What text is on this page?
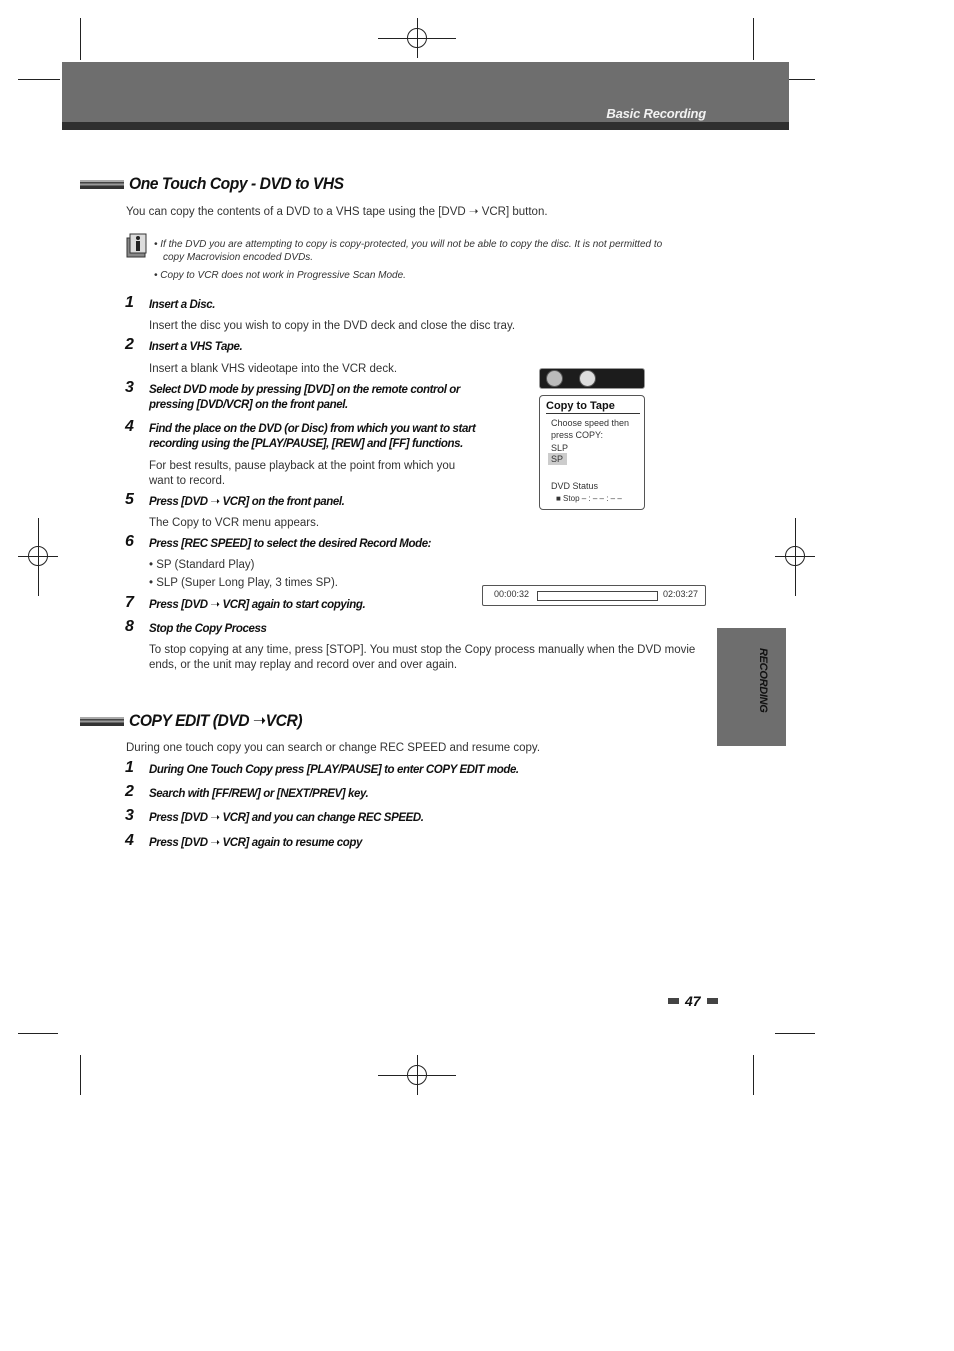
Basic Recording
One Touch Copy - DVD to VHS
You can copy the contents of a DVD to a VHS tape using the [DVD ➝ VCR] button.
• If the DVD you are attempting to copy is copy-protected, you will not be able to copy the disc. It is not permitted to
copy Macrovision encoded DVDs.
• Copy to VCR does not work in Progressive Scan Mode.
1 Insert a Disc.
Insert the disc you wish to copy in the DVD deck and close the disc tray.
2 Insert a VHS Tape.
Insert a blank VHS videotape into the VCR deck.
3 Select DVD mode by pressing [DVD] on the remote control or
pressing [DVD/VCR] on the front panel.
4 Find the place on the DVD (or Disc) from which you want to start
recording using the [PLAY/PAUSE], [REW] and [FF] functions.
For best results, pause playback at the point from which you
want to record.
5 Press [DVD ➝ VCR] on the front panel.
The Copy to VCR menu appears.
6 Press [REC SPEED] to select the desired Record Mode:
• SP (Standard Play)
• SLP (Super Long Play, 3 times SP).
7 Press [DVD ➝ VCR] again to start copying.
8 Stop the Copy Process
To stop copying at any time, press [STOP]. You must stop the Copy process manually when the DVD movie
ends, or the unit may replay and record over and over again.
Copy to Tape
Choose speed then
press COPY:
SLP
SP
DVD Status
■ Stop – : – – : – –
00:00:32	02:03:27
COPY EDIT (DVD ➝VCR)
During one touch copy you can search or change REC SPEED and resume copy.
1 During One Touch Copy press [PLAY/PAUSE] to enter COPY EDIT mode.
2 Search with [FF/REW] or [NEXT/PREV] key.
3 Press [DVD ➝ VCR] and you can change REC SPEED.
4 Press [DVD ➝ VCR] again to resume copy
RECORDING
47
